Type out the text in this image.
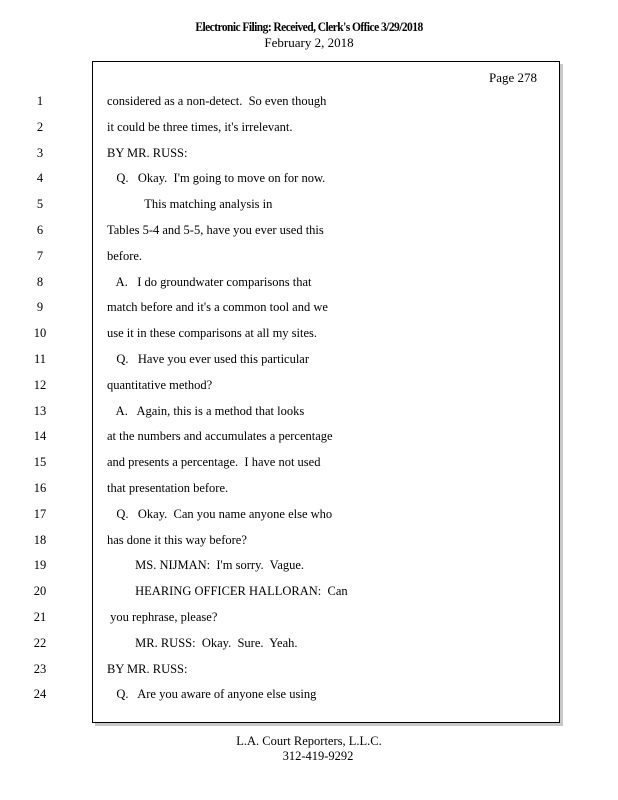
Electronic Filing: Received, Clerk's Office 3/29/2018
February 2, 2018
Page 278
1	considered as a non-detect.  So even though
2	it could be three times, it's irrelevant.
3	BY MR. RUSS:
4	Q.   Okay.  I'm going to move on for now.
5	This matching analysis in
6	Tables 5-4 and 5-5, have you ever used this
7	before.
8	A.   I do groundwater comparisons that
9	match before and it's a common tool and we
10	use it in these comparisons at all my sites.
11	Q.   Have you ever used this particular
12	quantitative method?
13	A.   Again, this is a method that looks
14	at the numbers and accumulates a percentage
15	and presents a percentage.  I have not used
16	that presentation before.
17	Q.   Okay.  Can you name anyone else who
18	has done it this way before?
19	MS. NIJMAN:  I'm sorry.  Vague.
20	HEARING OFFICER HALLORAN:  Can
21	you rephrase, please?
22	MR. RUSS:  Okay.  Sure.  Yeah.
23	BY MR. RUSS:
24	Q.   Are you aware of anyone else using
L.A. Court Reporters, L.L.C.
312-419-9292
